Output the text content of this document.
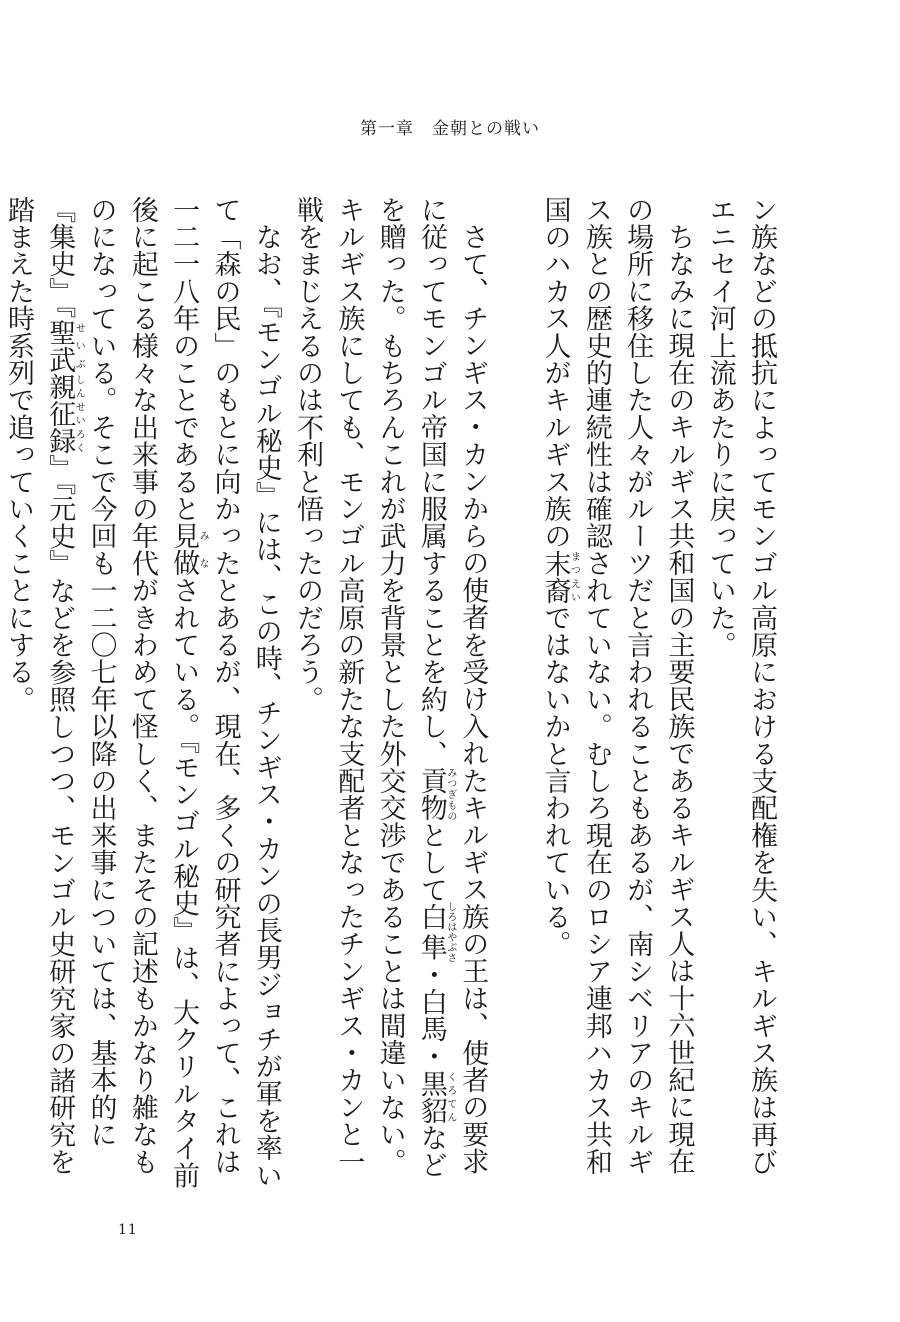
第一章 金朝との戦い

ン族などの抵抗によってモンゴル高原における支配権を失い、キルギス族は再びエニセイ河上流あたりに戻っていた。

ちなみに現在のキルギス共和国の主要民族であるキルギス人は十六世紀に現在の場所に移住した人々がルーツだと言われることもあるが、南シベリアのキルギス族との歴史的連続性は確認されていない。むしろ現在のロシア連邦ハカス共和国のハカス人がキルギス族の末裔まつえいではないかと言われている。

さて、チンギス・カンからの使者を受け入れたキルギス族の王は、使者の要求に従ってモンゴル帝国に服属することを約し、貢物みつぎものとして白隼しろはやぶさ・白馬・黒貂くろてんなどを贈った。もちろんこれが武力を背景とした外交交渉であることは間違いない。キルギス族にしても、モンゴル高原の新たな支配者となったチンギス・カンと一戦をまじえるのは不利と悟ったのだろう。

なお、『モンゴル秘史』には、この時、チンギス・カンの長男ジョチが軍を率いて「森の民」のもとに向かったとあるが、現在、多くの研究者によって、これは一二一八年のことであると見做みなされている。『モンゴル秘史』は、大クリルタイ前後に起こる様々な出来事の年代がきわめて怪しく、またその記述もかなり雑なものになっている。そこで今回も一二〇七年以降の出来事については、基本的に『集史』『聖武せいぶ親征録しんせいろく』『元史』などを参照しつつ、モンゴル史研究家の諸研究を踏まえた時系列で追っていくことにする。

11
